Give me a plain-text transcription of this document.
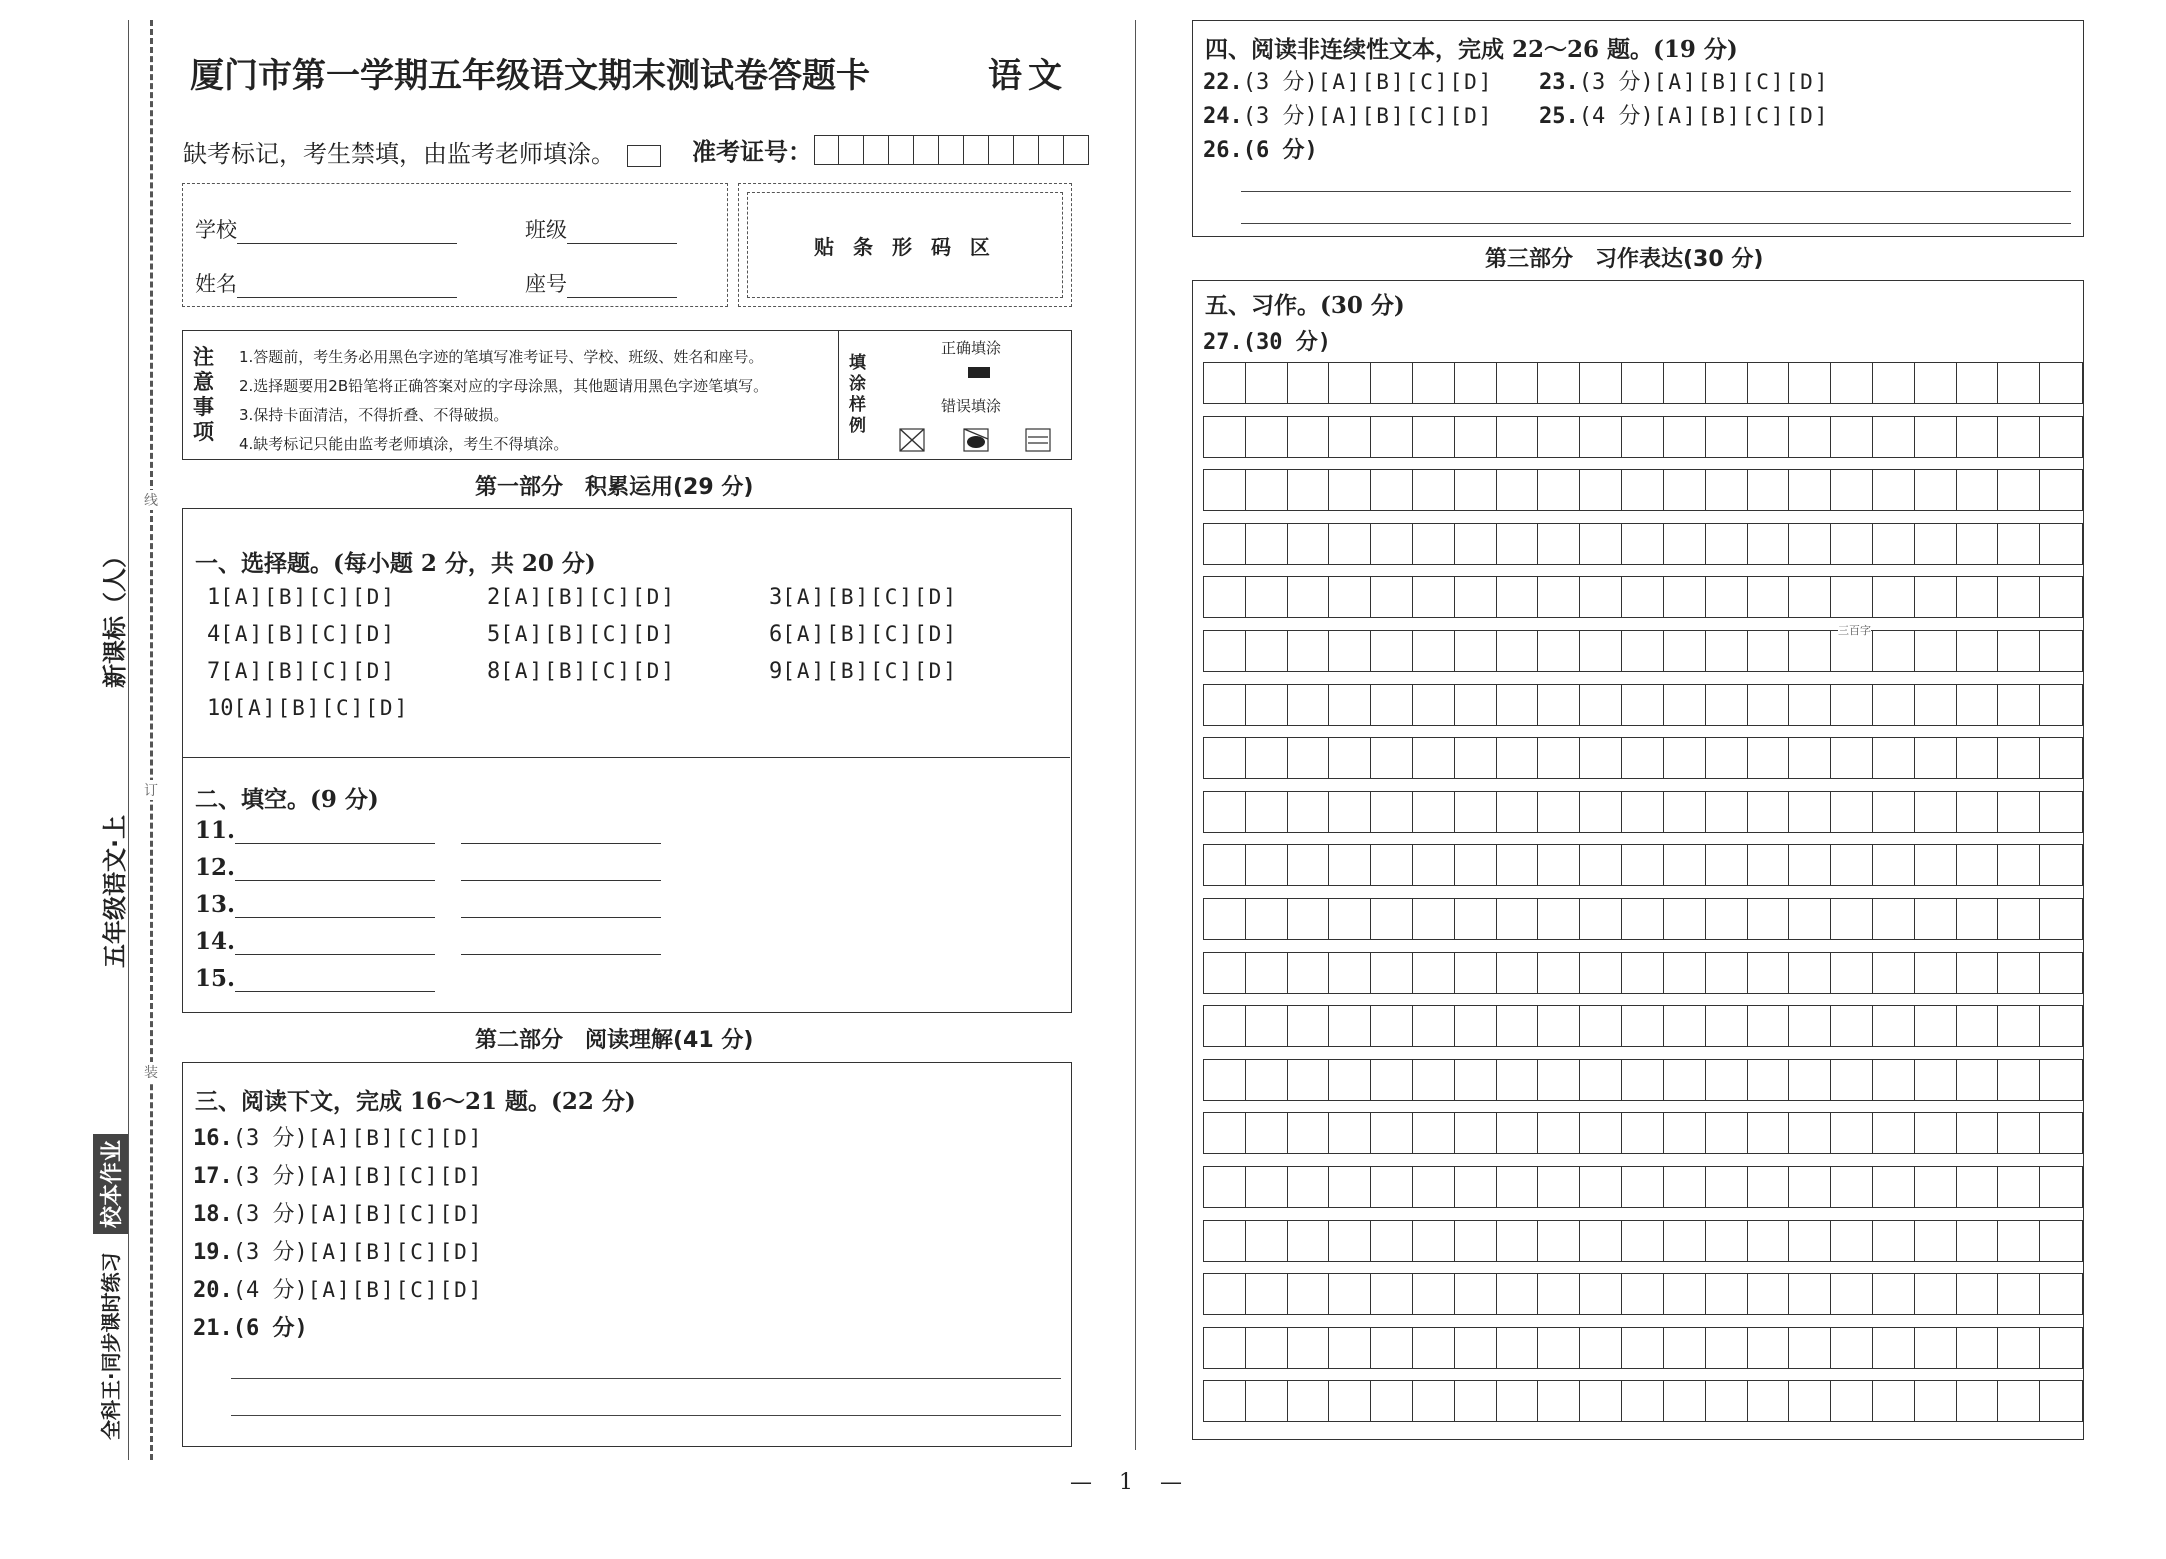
线
订
装
新课标（人）
五年级语文·上
全科王·同步课时练习
校本作业
厦门市第一学期五年级语文期末测试卷答题卡	语文
缺考标记，考生禁填，由监考老师填涂。	准考证号：
学校	班级
姓名	座号
贴 条 形 码 区
注意事项
1.答题前，考生务必用黑色字迹的笔填写准考证号、学校、班级、姓名和座号。
2.选择题要用2B铅笔将正确答案对应的字母涂黑，其他题请用黑色字迹笔填写。
3.保持卡面清洁，不得折叠、不得破损。
4.缺考标记只能由监考老师填涂，考生不得填涂。
填涂样例
正确填涂
错误填涂
第一部分　积累运用(29 分)
一、选择题。(每小题 2 分，共 20 分)
1[A][B][C][D]	2[A][B][C][D]	3[A][B][C][D]
4[A][B][C][D]	5[A][B][C][D]	6[A][B][C][D]
7[A][B][C][D]	8[A][B][C][D]	9[A][B][C][D]
10[A][B][C][D]
二、填空。(9 分)
11.
12.
13.
14.
15.
第二部分　阅读理解(41 分)
三、阅读下文，完成 16～21 题。(22 分)
16.(3 分)[A][B][C][D]
17.(3 分)[A][B][C][D]
18.(3 分)[A][B][C][D]
19.(3 分)[A][B][C][D]
20.(4 分)[A][B][C][D]
21.(6 分)
四、阅读非连续性文本，完成 22～26 题。(19 分)
22.(3 分)[A][B][C][D] 23.(3 分)[A][B][C][D]
24.(3 分)[A][B][C][D] 25.(4 分)[A][B][C][D]
26.(6 分)
第三部分　习作表达(30 分)
五、习作。(30 分)
27.(30 分)
三百字
— 1 —
